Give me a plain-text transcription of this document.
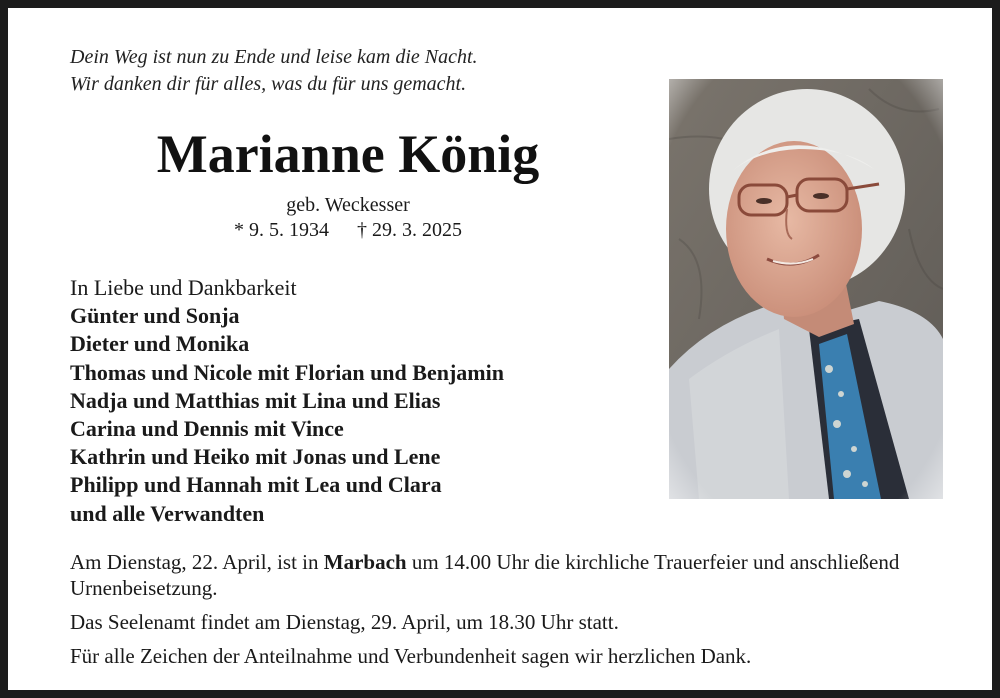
Dein Weg ist nun zu Ende und leise kam die Nacht.
Wir danken dir für alles, was du für uns gemacht.
Marianne König
geb. Weckesser
* 9. 5. 1934 † 29. 3. 2025
In Liebe und Dankbarkeit
Günter und Sonja
Dieter und Monika
Thomas und Nicole mit Florian und Benjamin
Nadja und Matthias mit Lina und Elias
Carina und Dennis mit Vince
Kathrin und Heiko mit Jonas und Lene
Philipp und Hannah mit Lea und Clara
und alle Verwandten

Am Dienstag, 22. April, ist in Marbach um 14.00 Uhr die kirchliche Trauerfeier und anschließend Urnenbeisetzung.

Das Seelenamt findet am Dienstag, 29. April, um 18.30 Uhr statt.

Für alle Zeichen der Anteilnahme und Verbundenheit sagen wir herzlichen Dank.
